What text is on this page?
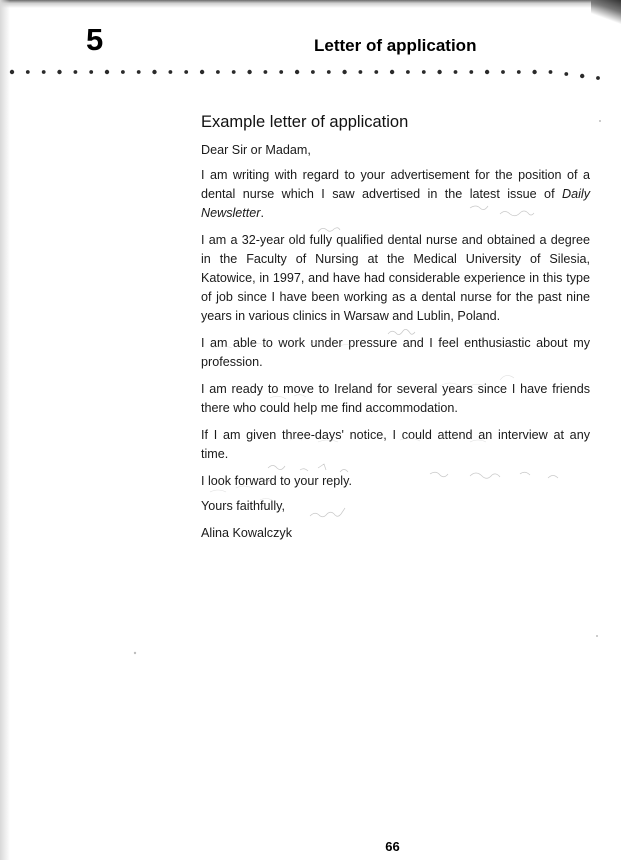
5	Letter of application
Example letter of application

Dear Sir or Madam,

I am writing with regard to your advertisement for the position of a dental nurse which I saw advertised in the latest issue of Daily Newsletter.

I am a 32-year old fully qualified dental nurse and obtained a degree in the Faculty of Nursing at the Medical University of Silesia, Katowice, in 1997, and have had considerable experience in this type of job since I have been working as a dental nurse for the past nine years in various clinics in Warsaw and Lublin, Poland.

I am able to work under pressure and I feel enthusiastic about my profession.

I am ready to move to Ireland for several years since I have friends there who could help me find accommodation.

If I am given three-days' notice, I could attend an interview at any time.

I look forward to your reply.

Yours faithfully,

Alina Kowalczyk

66
